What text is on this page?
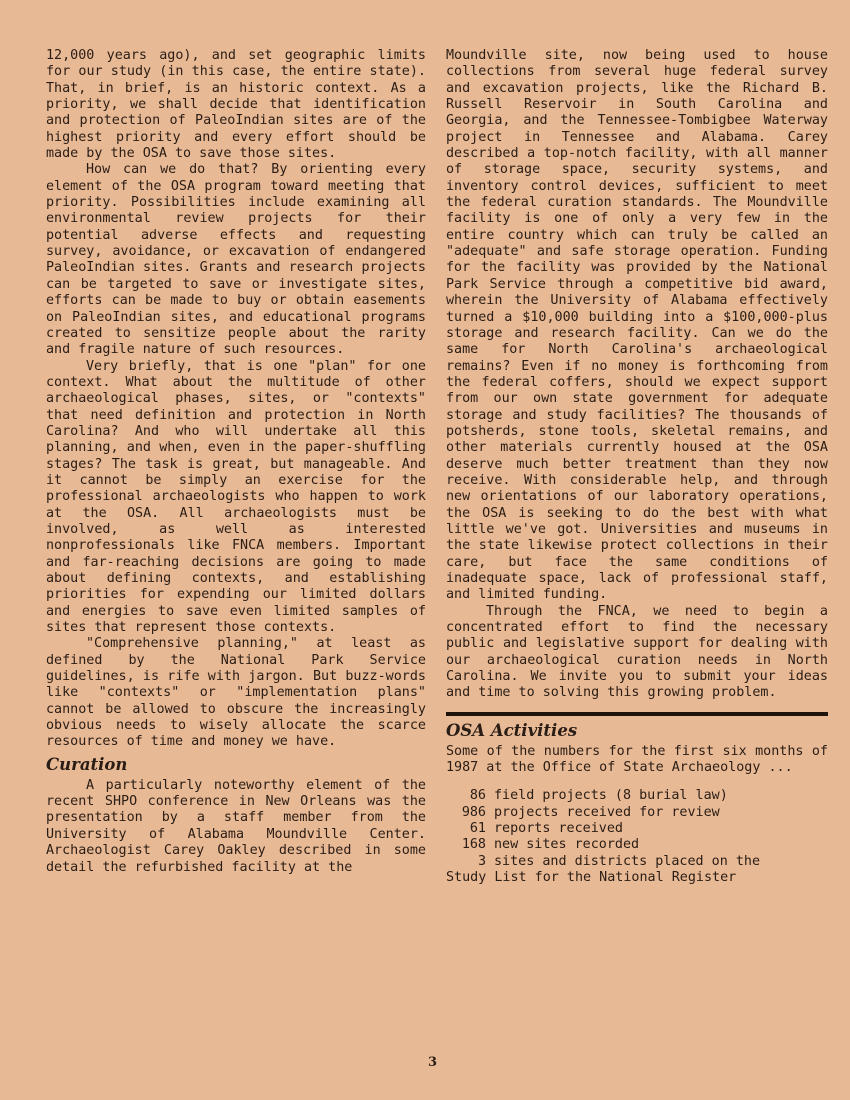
12,000 years ago), and set geographic limits for our study (in this case, the entire state). That, in brief, is an historic context. As a priority, we shall decide that identification and protection of PaleoIndian sites are of the highest priority and every effort should be made by the OSA to save those sites.

How can we do that? By orienting every element of the OSA program toward meeting that priority. Possibilities include examining all environmental review projects for their potential adverse effects and requesting survey, avoidance, or excavation of endangered PaleoIndian sites. Grants and research projects can be targeted to save or investigate sites, efforts can be made to buy or obtain easements on PaleoIndian sites, and educational programs created to sensitize people about the rarity and fragile nature of such resources.

Very briefly, that is one "plan" for one context. What about the multitude of other archaeological phases, sites, or "contexts" that need definition and protection in North Carolina? And who will undertake all this planning, and when, even in the paper-shuffling stages? The task is great, but manageable. And it cannot be simply an exercise for the professional archaeologists who happen to work at the OSA. All archaeologists must be involved, as well as interested nonprofessionals like FNCA members. Important and far-reaching decisions are going to made about defining contexts, and establishing priorities for expending our limited dollars and energies to save even limited samples of sites that represent those contexts.

"Comprehensive planning," at least as defined by the National Park Service guidelines, is rife with jargon. But buzz-words like "contexts" or "implementation plans" cannot be allowed to obscure the increasingly obvious needs to wisely allocate the scarce resources of time and money we have.

Curation

A particularly noteworthy element of the recent SHPO conference in New Orleans was the presentation by a staff member from the University of Alabama Moundville Center. Archaeologist Carey Oakley described in some detail the refurbished facility at the

Moundville site, now being used to house collections from several huge federal survey and excavation projects, like the Richard B. Russell Reservoir in South Carolina and Georgia, and the Tennessee-Tombigbee Waterway project in Tennessee and Alabama. Carey described a top-notch facility, with all manner of storage space, security systems, and inventory control devices, sufficient to meet the federal curation standards. The Moundville facility is one of only a very few in the entire country which can truly be called an "adequate" and safe storage operation. Funding for the facility was provided by the National Park Service through a competitive bid award, wherein the University of Alabama effectively turned a $10,000 building into a $100,000-plus storage and research facility. Can we do the same for North Carolina's archaeological remains? Even if no money is forthcoming from the federal coffers, should we expect support from our own state government for adequate storage and study facilities? The thousands of potsherds, stone tools, skeletal remains, and other materials currently housed at the OSA deserve much better treatment than they now receive. With considerable help, and through new orientations of our laboratory operations, the OSA is seeking to do the best with what little we've got. Universities and museums in the state likewise protect collections in their care, but face the same conditions of inadequate space, lack of professional staff, and limited funding.

Through the FNCA, we need to begin a concentrated effort to find the necessary public and legislative support for dealing with our archaeological curation needs in North Carolina. We invite you to submit your ideas and time to solving this growing problem.

OSA Activities

Some of the numbers for the first six months of 1987 at the Office of State Archaeology ...

86 field projects (8 burial law)
986 projects received for review
61 reports received
168 new sites recorded
3 sites and districts placed on the
Study List for the National Register
3
